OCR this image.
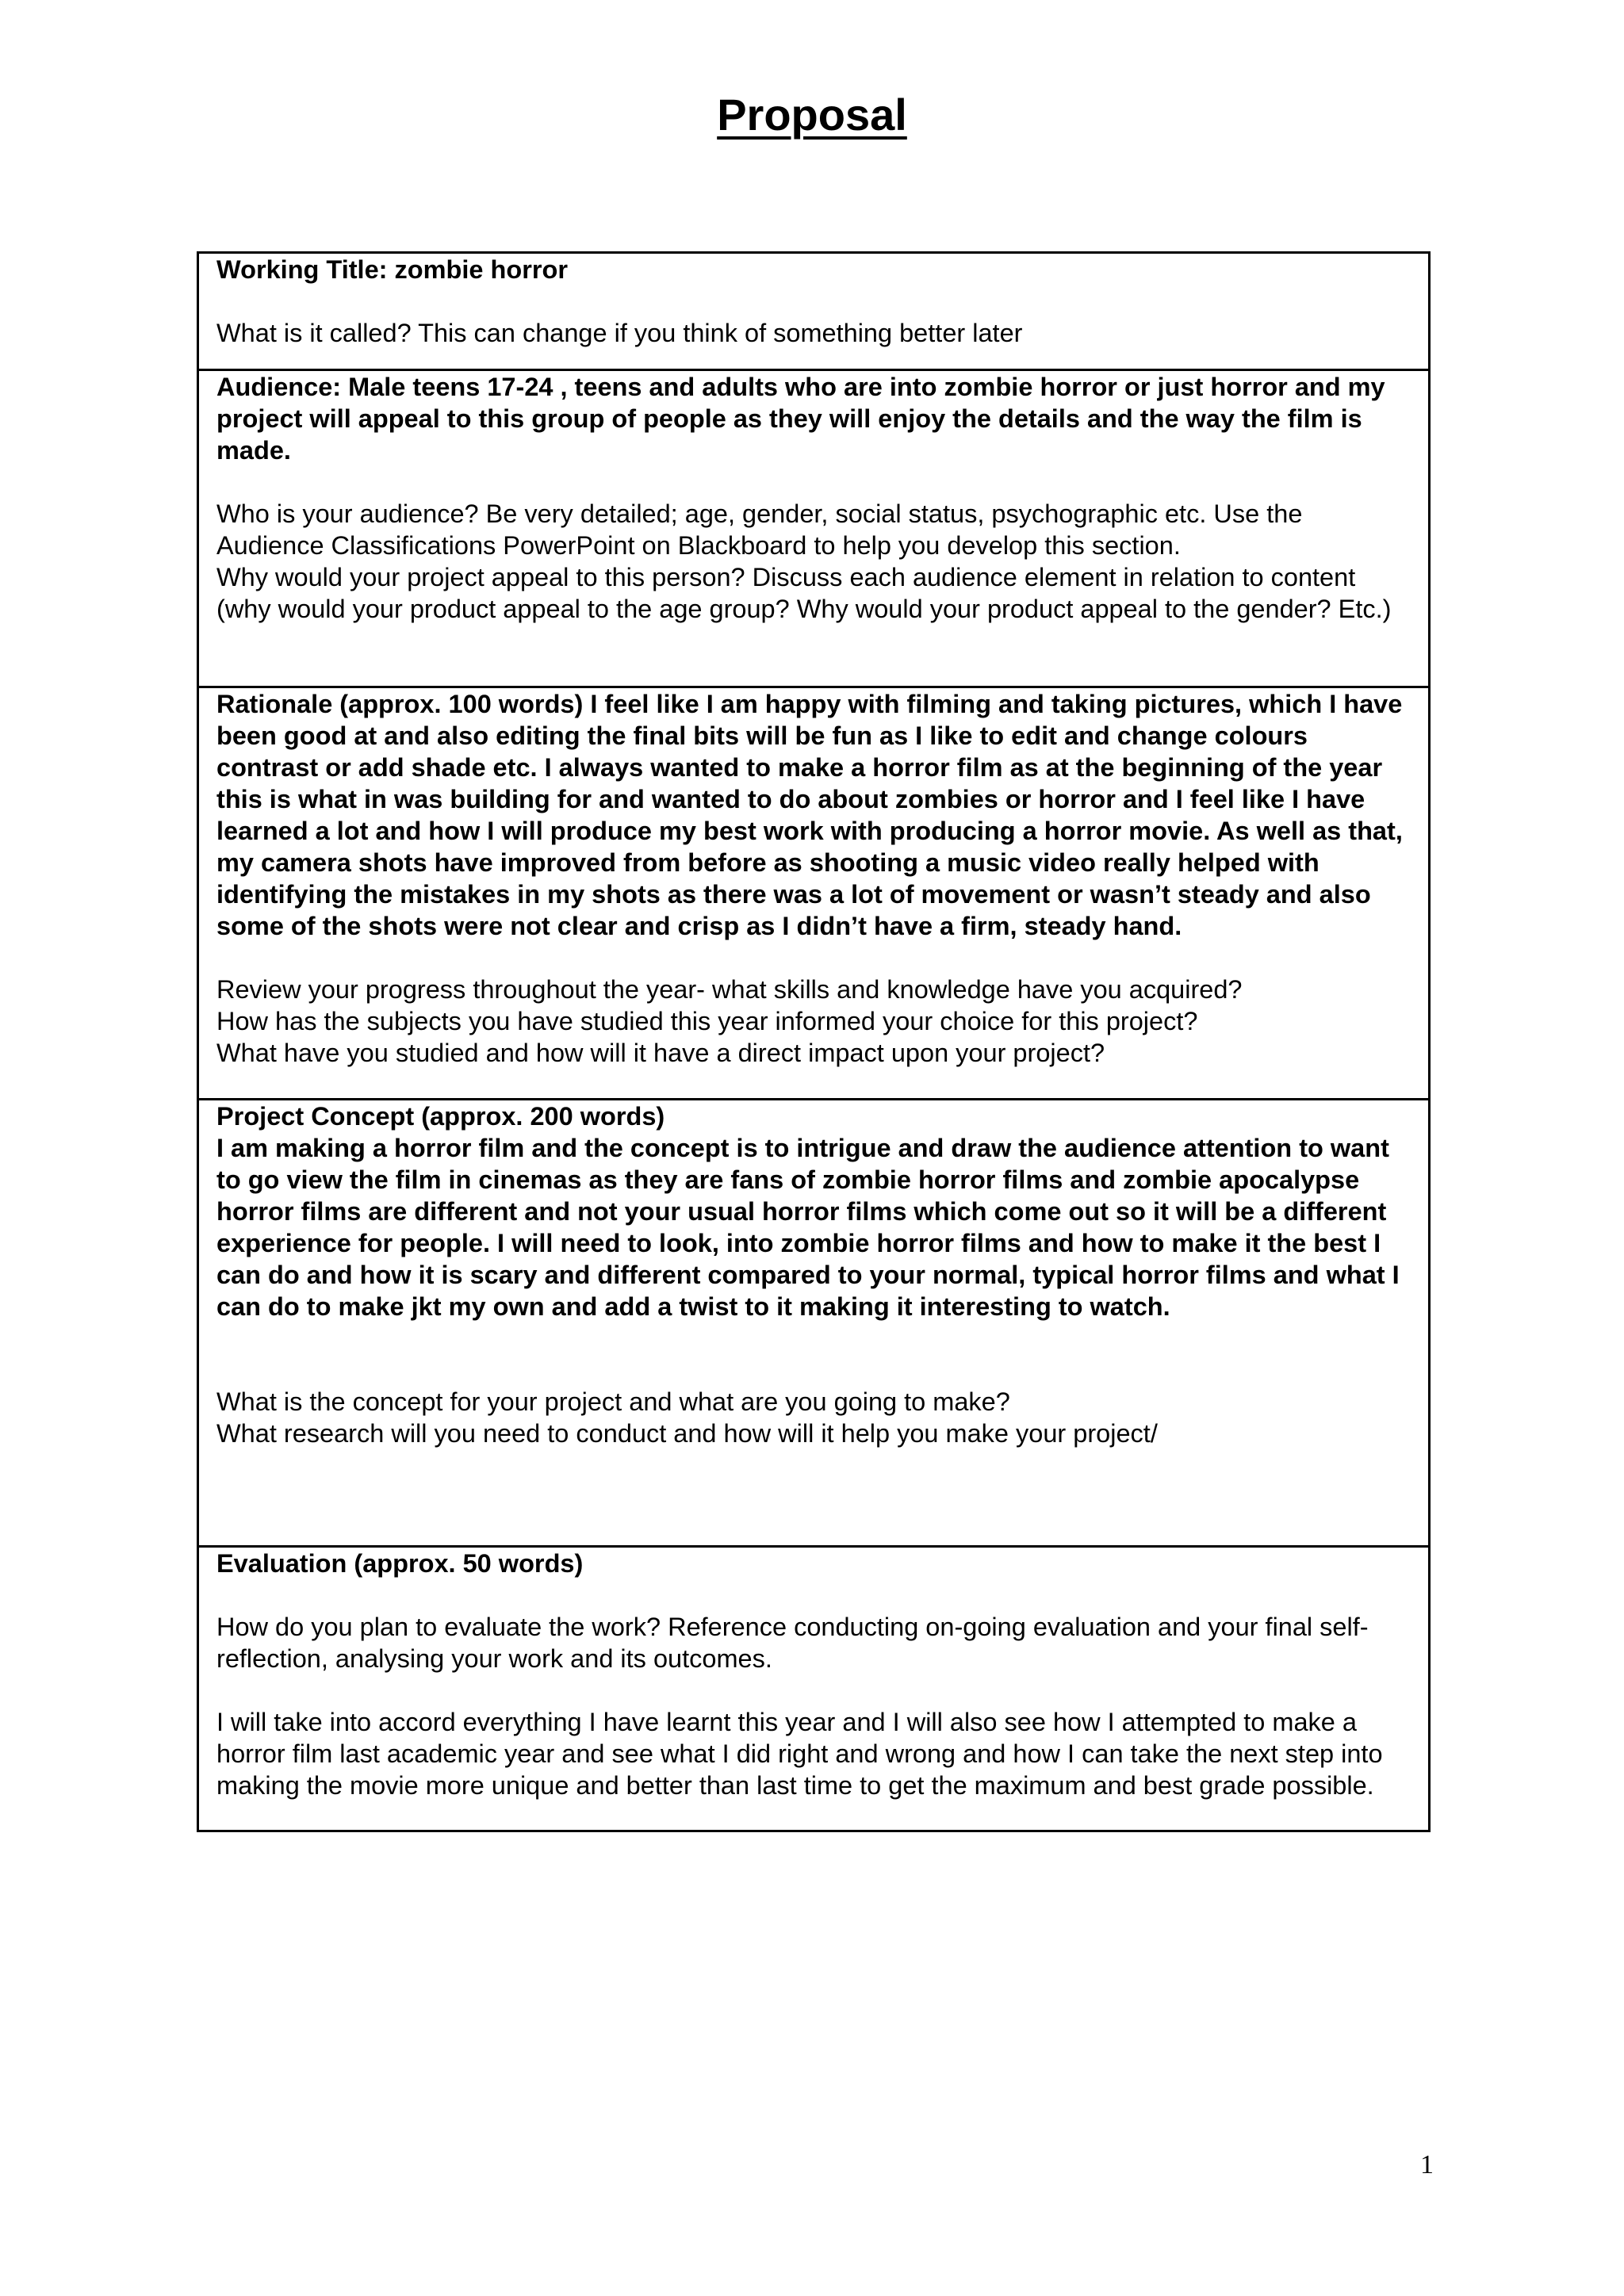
Proposal
Working Title: zombie horror
What is it called? This can change if you think of something better later
Audience: Male teens 17-24 , teens and adults who are into zombie horror or just horror and my project will appeal to this group of people as they will enjoy the details and the way the film is made.
Who is your audience? Be very detailed; age, gender, social status, psychographic etc. Use the Audience Classifications PowerPoint on Blackboard to help you develop this section.
Why would your project appeal to this person? Discuss each audience element in relation to content (why would your product appeal to the age group? Why would your product appeal to the gender? Etc.)
Rationale (approx. 100 words) I feel like I am happy with filming and taking pictures, which I have been good at and also editing the final bits will be fun as I like to edit and change colours contrast or add shade etc. I always wanted to make a horror film as at the beginning of the year this is what in was building for and wanted to do about zombies or horror and I feel like I have learned a lot and how I will produce my best work with producing a horror movie. As well as that, my camera shots have improved from before as shooting a music video really helped with identifying the mistakes in my shots as there was a lot of movement or wasn’t steady and also some of the shots were not clear and crisp as I didn’t have a firm, steady hand.
Review your progress throughout the year- what skills and knowledge have you acquired?
How has the subjects you have studied this year informed your choice for this project?
What have you studied and how will it have a direct impact upon your project?
Project Concept (approx. 200 words)
I am making a horror film and the concept is to intrigue and draw the audience attention to want to go view the film in cinemas as they are fans of zombie horror films and zombie apocalypse horror films are different and not your usual horror films which come out so it will be a different experience for people. I will need to look, into zombie horror films and how to make it the best I can do and how it is scary and different compared to your normal, typical horror films and what I can do to make jkt my own and add a twist to it making it interesting to watch.
What is the concept for your project and what are you going to make?
What research will you need to conduct and how will it help you make your project/
Evaluation (approx. 50 words)
How do you plan to evaluate the work? Reference conducting on-going evaluation and your final self-reflection, analysing your work and its outcomes.
I will take into accord everything I have learnt this year and I will also see how I attempted to make a horror film last academic year and see what I did right and wrong and how I can take the next step into making the movie more unique and better than last time to get the maximum and best grade possible.
1
